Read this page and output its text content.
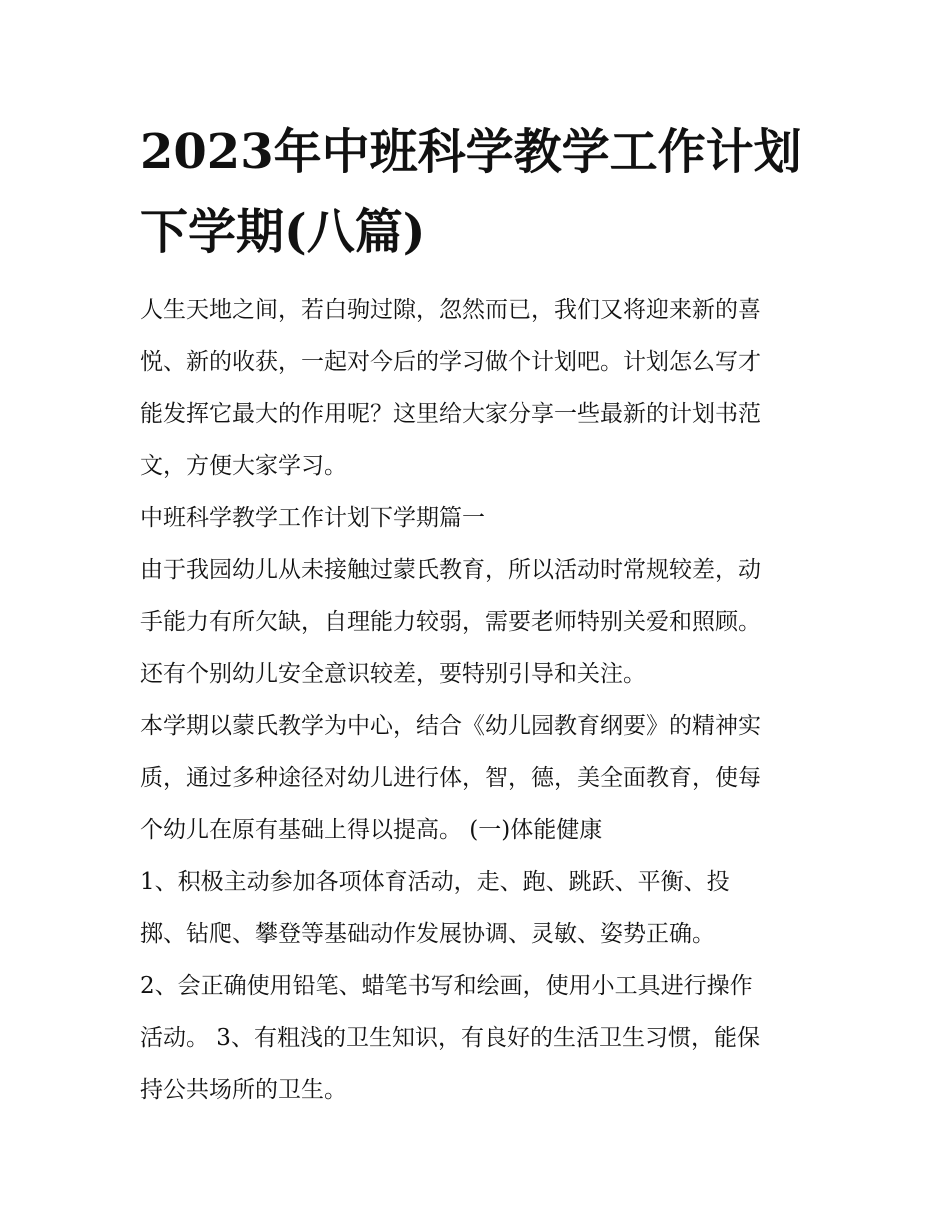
2023年中班科学教学工作计划
下学期(八篇)

人生天地之间，若白驹过隙，忽然而已，我们又将迎来新的喜
悦、新的收获，一起对今后的学习做个计划吧。计划怎么写才
能发挥它最大的作用呢？这里给大家分享一些最新的计划书范
文，方便大家学习。

中班科学教学工作计划下学期篇一

由于我园幼儿从未接触过蒙氏教育，所以活动时常规较差，动
手能力有所欠缺，自理能力较弱，需要老师特别关爱和照顾。
还有个别幼儿安全意识较差，要特别引导和关注。

本学期以蒙氏教学为中心，结合《幼儿园教育纲要》的精神实
质，通过多种途径对幼儿进行体，智，德，美全面教育，使每
个幼儿在原有基础上得以提高。 (一)体能健康

1、积极主动参加各项体育活动，走、跑、跳跃、平衡、投
掷、钻爬、攀登等基础动作发展协调、灵敏、姿势正确。

2、会正确使用铅笔、蜡笔书写和绘画，使用小工具进行操作
活动。 3、有粗浅的卫生知识，有良好的生活卫生习惯，能保
持公共场所的卫生。
